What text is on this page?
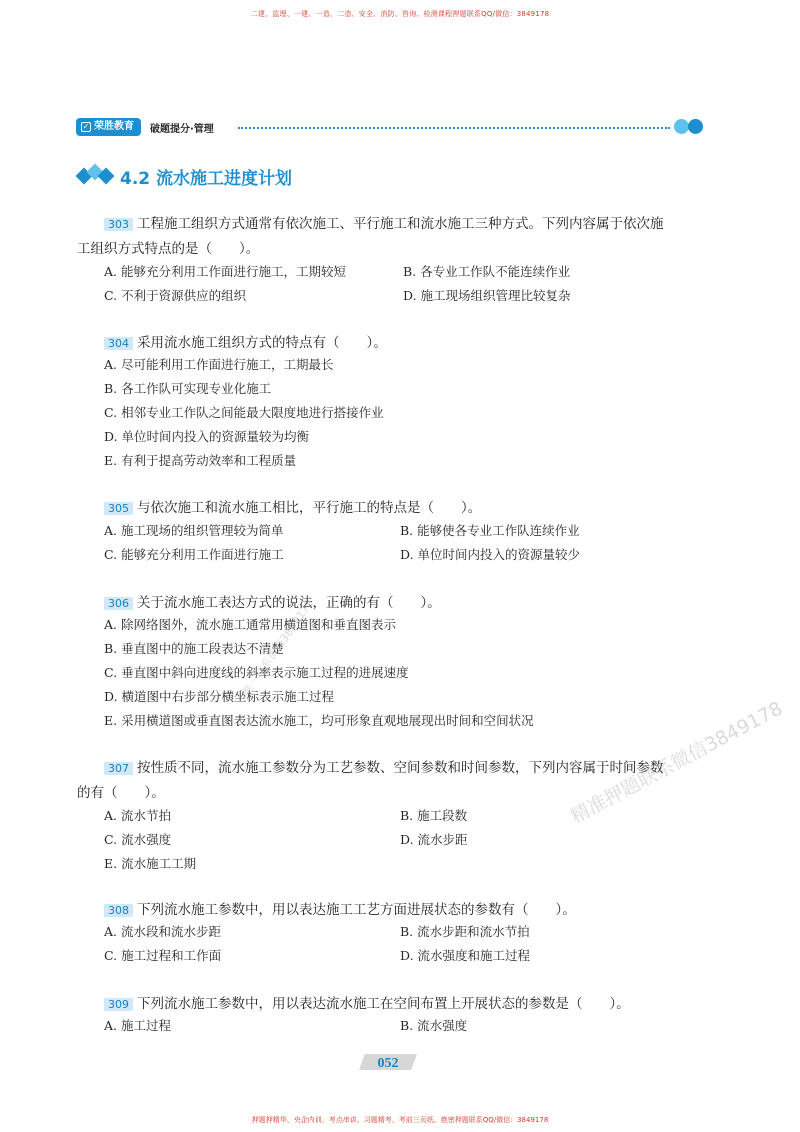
二建、监理、一建、一造、二造、安全、消防、咨询、检测课程押题联系QQ/微信：3849178
✓ 荣胜教育 破题提分·管理
4.2 流水施工进度计划
303 工程施工组织方式通常有依次施工、平行施工和流水施工三种方式。下列内容属于依次施
工组织方式特点的是（　　）。
A. 能够充分利用工作面进行施工，工期较短	B. 各专业工作队不能连续作业
C. 不利于资源供应的组织	D. 施工现场组织管理比较复杂
304 采用流水施工组织方式的特点有（　　）。
A. 尽可能利用工作面进行施工，工期最长
B. 各工作队可实现专业化施工
C. 相邻专业工作队之间能最大限度地进行搭接作业
D. 单位时间内投入的资源量较为均衡
E. 有利于提高劳动效率和工程质量
305 与依次施工和流水施工相比，平行施工的特点是（　　）。
A. 施工现场的组织管理较为简单	B. 能够使各专业工作队连续作业
C. 能够充分利用工作面进行施工	D. 单位时间内投入的资源量较少
306 关于流水施工表达方式的说法，正确的有（　　）。
A. 除网络图外，流水施工通常用横道图和垂直图表示
B. 垂直图中的施工段表达不清楚
C. 垂直图中斜向进度线的斜率表示施工过程的进展速度
D. 横道图中右步部分横坐标表示施工过程
E. 采用横道图或垂直图表达流水施工，均可形象直观地展现出时间和空间状况
307 按性质不同，流水施工参数分为工艺参数、空间参数和时间参数，下列内容属于时间参数
的有（　　）。
A. 流水节拍	B. 施工段数
C. 流水强度	D. 流水步距
E. 流水施工工期
308 下列流水施工参数中，用以表达施工工艺方面进展状态的参数有（　　）。
A. 流水段和流水步距	B. 流水步距和流水节拍
C. 施工过程和工作面	D. 流水强度和施工过程
309 下列流水施工参数中，用以表达流水施工在空间布置上开展状态的参数是（　　）。
A. 施工过程	B. 流水强度
052
唯一联系微信3849178
精准押题联系微信3849178
押题押精华、央企内训、考点串讲、习题精考、考前三页纸、绝密押题联系QQ/微信：3849178
